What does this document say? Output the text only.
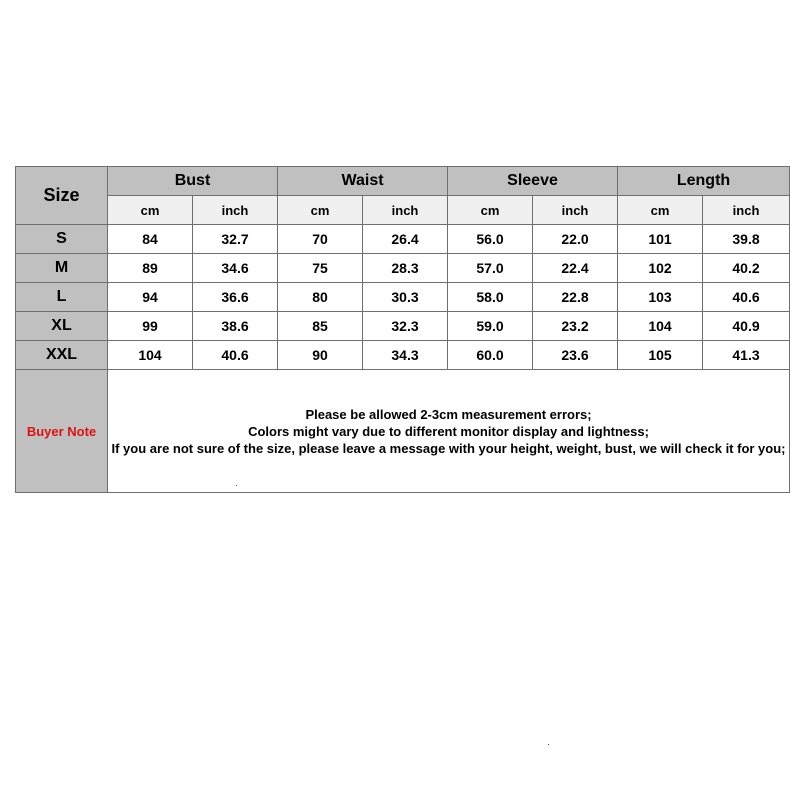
Size	Bust		Waist		Sleeve		Length	
	cm	inch	cm	inch	cm	inch	cm	inch
S	84	32.7	70	26.4	56.0	22.0	101	39.8
M	89	34.6	75	28.3	57.0	22.4	102	40.2
L	94	36.6	80	30.3	58.0	22.8	103	40.6
XL	99	38.6	85	32.3	59.0	23.2	104	40.9
XXL	104	40.6	90	34.3	60.0	23.6	105	41.3
Buyer Note	Please be allowed 2-3cm measurement errors;
Colors might vary due to different monitor display and lightness;
If you are not sure of the size, please leave a message with your height, weight, bust, we will check it for you;							
